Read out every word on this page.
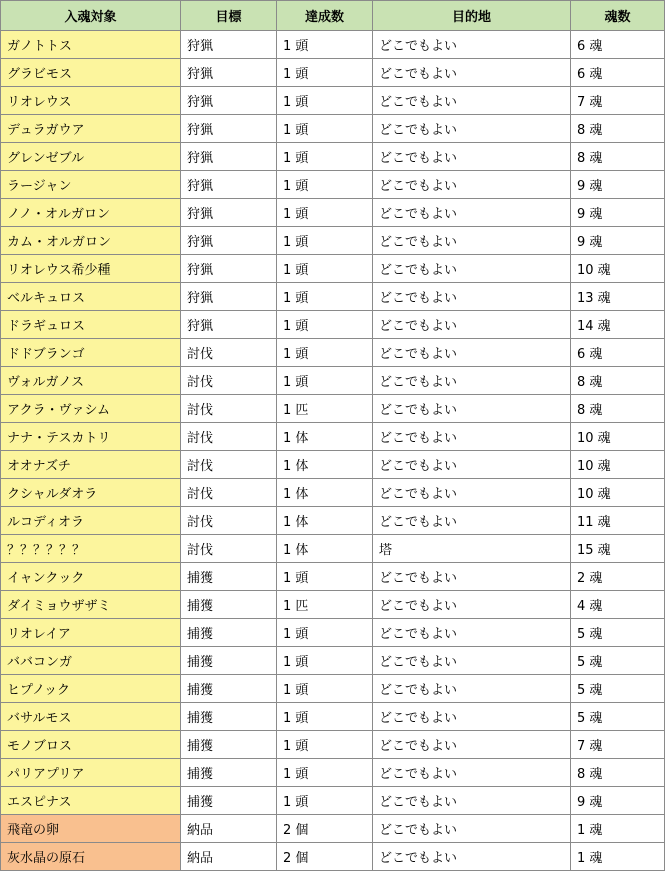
入魂対象	目標	達成数	目的地	魂数
ガノトトス	狩猟	1 頭	どこでもよい	6 魂
グラビモス	狩猟	1 頭	どこでもよい	6 魂
リオレウス	狩猟	1 頭	どこでもよい	7 魂
デュラガウア	狩猟	1 頭	どこでもよい	8 魂
グレンゼブル	狩猟	1 頭	どこでもよい	8 魂
ラージャン	狩猟	1 頭	どこでもよい	9 魂
ノノ・オルガロン	狩猟	1 頭	どこでもよい	9 魂
カム・オルガロン	狩猟	1 頭	どこでもよい	9 魂
リオレウス希少種	狩猟	1 頭	どこでもよい	10 魂
ベルキュロス	狩猟	1 頭	どこでもよい	13 魂
ドラギュロス	狩猟	1 頭	どこでもよい	14 魂
ドドブランゴ	討伐	1 頭	どこでもよい	6 魂
ヴォルガノス	討伐	1 頭	どこでもよい	8 魂
アクラ・ヴァシム	討伐	1 匹	どこでもよい	8 魂
ナナ・テスカトリ	討伐	1 体	どこでもよい	10 魂
オオナズチ	討伐	1 体	どこでもよい	10 魂
クシャルダオラ	討伐	1 体	どこでもよい	10 魂
ルコディオラ	討伐	1 体	どこでもよい	11 魂
？？？？？？	討伐	1 体	塔	15 魂
イャンクック	捕獲	1 頭	どこでもよい	2 魂
ダイミョウザザミ	捕獲	1 匹	どこでもよい	4 魂
リオレイア	捕獲	1 頭	どこでもよい	5 魂
ババコンガ	捕獲	1 頭	どこでもよい	5 魂
ヒプノック	捕獲	1 頭	どこでもよい	5 魂
バサルモス	捕獲	1 頭	どこでもよい	5 魂
モノブロス	捕獲	1 頭	どこでもよい	7 魂
パリアプリア	捕獲	1 頭	どこでもよい	8 魂
エスピナス	捕獲	1 頭	どこでもよい	9 魂
飛竜の卵	納品	2 個	どこでもよい	1 魂
灰水晶の原石	納品	2 個	どこでもよい	1 魂
